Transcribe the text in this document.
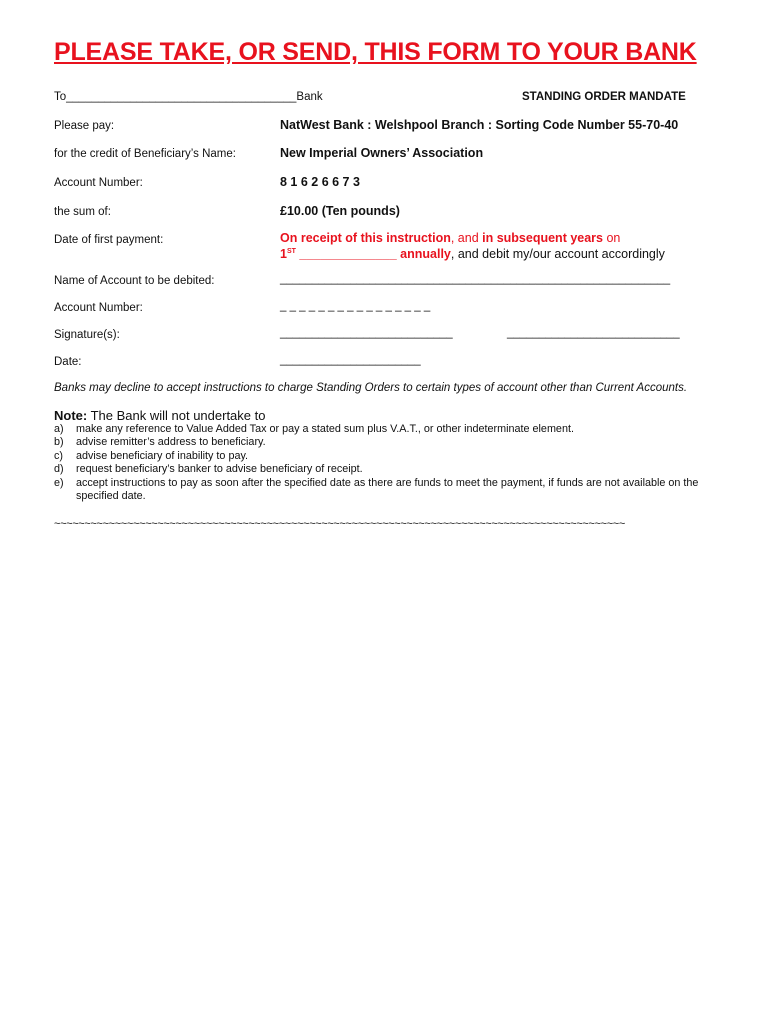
PLEASE TAKE, OR SEND, THIS FORM TO YOUR BANK
To____________________________________Bank	STANDING ORDER MANDATE
Please pay:	NatWest Bank : Welshpool Branch : Sorting Code Number 55-70-40
for the credit of Beneficiary’s Name:	New Imperial Owners’ Association
Account Number:	8 1 6 2 6 6 7 3
the sum of:	£10.00 (Ten pounds)
Date of first payment:	On receipt of this instruction, and in subsequent years on
1ST ______________ annually, and debit my/our account accordingly
Name of Account to be debited:	_____________________________________________________________
Account Number:	_ _ _ _ _ _ _ _ _ _ _ _ _ _ _ _
Signature(s):	___________________________	___________________________
Date:	______________________
Banks may decline to accept instructions to charge Standing Orders to certain types of account other than Current Accounts.
Note: The Bank will not undertake to
a)	make any reference to Value Added Tax or pay a stated sum plus V.A.T., or other indeterminate element.
b)	advise remitter’s address to beneficiary.
c)	advise beneficiary of inability to pay.
d)	request beneficiary’s banker to advise beneficiary of receipt.
e)	accept instructions to pay as soon after the specified date as there are funds to meet the payment, if funds are not available on the specified date.
~~~~~~~~~~~~~~~~~~~~~~~~~~~~~~~~~~~~~~~~~~~~~~~~~~~~~~~~~~~~~~~~~~~~~~~~~~~~~~~~~~~~~~~~~~~~~~
